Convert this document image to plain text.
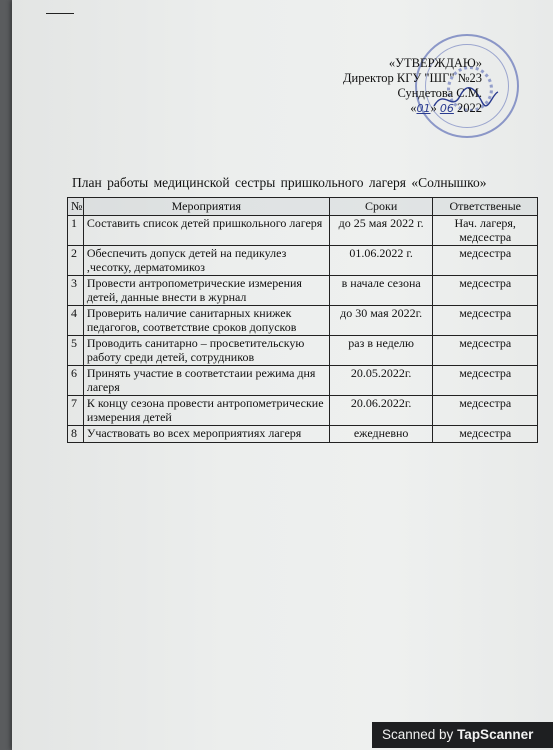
«УТВЕРЖДАЮ»
Директор КГУ "ШГ" №23
Сундетова С.М.
«01» 06 2022
План работы медицинской сестры пришкольного лагеря «Солнышко»
№	Мероприятия	Сроки	Ответственые
1	Составить список детей пришкольного лагеря	до 25 мая 2022 г.	Нач. лагеря, медсестра
2	Обеспечить допуск детей на педикулез ,чесотку, дерматомикоз	01.06.2022 г.	медсестра
3	Провести антропометрические измерения детей, данные внести в журнал	в начале сезона	медсестра
4	Проверить наличие санитарных книжек педагогов, соответствие сроков допусков	до 30 мая 2022г.	медсестра
5	Проводить санитарно – просветительскую работу среди детей, сотрудников	раз в неделю	медсестра
6	Принять участие в соответстаии режима дня лагеря	20.05.2022г.	медсестра
7	К концу сезона провести антропометрические измерения детей	20.06.2022г.	медсестра
8	Участвовать во всех мероприятиях лагеря	ежедневно	медсестра
Scanned by TapScanner
